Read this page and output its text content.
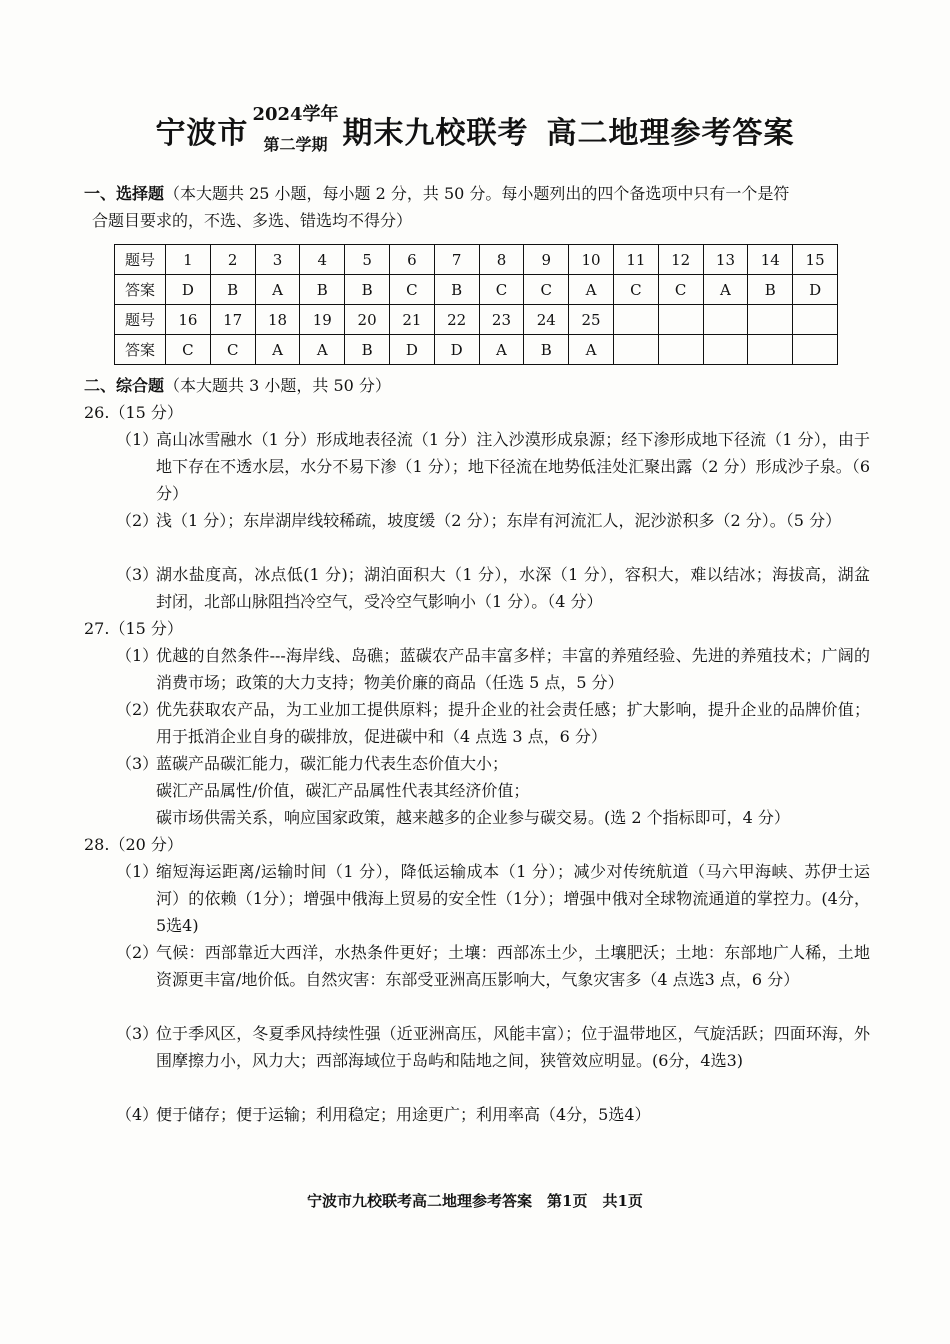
宁波市
2024学年
第二学期 期末九校联考 高二地理参考答案
一、选择题（本大题共 25 小题，每小题 2 分，共 50 分。每小题列出的四个备选项中只有一个是符
合题目要求的，不选、多选、错选均不得分）
题号	1	2	3	4	5	6	7	8	9	10	11	12	13	14	15
答案	D	B	A	B	B	C	B	C	C	A	C	C	A	B	D
题号	16	17	18	19	20	21	22	23	24	25					
答案	C	C	A	A	B	D	D	A	B	A					
二、综合题（本大题共 3 小题，共 50 分）
26.（15 分）
（1）
高山冰雪融水（1 分）形成地表径流（1 分）注入沙漠形成泉源；经下渗形成地下径流（1 分），由于地下存在不透水层，水分不易下渗（1 分）；地下径流在地势低洼处汇聚出露（2 分）形成沙子泉。（6 分）
（2）
浅（1 分）；东岸湖岸线较稀疏，坡度缓（2 分）；东岸有河流汇人，泥沙淤积多（2 分）。（5 分）
（3）
湖水盐度高，冰点低(1 分)；湖泊面积大（1 分），水深（1 分），容积大，难以结冰；海拔高，湖盆封闭，北部山脉阻挡冷空气，受冷空气影响小（1 分）。（4 分）
27.（15 分）
（1）
优越的自然条件---海岸线、岛礁；蓝碳农产品丰富多样；丰富的养殖经验、先进的养殖技术；广阔的消费市场；政策的大力支持；物美价廉的商品（任选 5 点，5 分）
（2）
优先获取农产品，为工业加工提供原料；提升企业的社会责任感；扩大影响，提升企业的品牌价值；用于抵消企业自身的碳排放，促进碳中和（4 点选 3 点，6 分）
（3）
蓝碳产品碳汇能力，碳汇能力代表生态价值大小；
碳汇产品属性/价值，碳汇产品属性代表其经济价值；
碳市场供需关系，响应国家政策，越来越多的企业参与碳交易。(选 2 个指标即可，4 分）
28.（20 分）
（1）
缩短海运距离/运输时间（1 分），降低运输成本（1 分）；减少对传统航道（马六甲海峡、苏伊士运河）的依赖（1分）；增强中俄海上贸易的安全性（1分）；增强中俄对全球物流通道的掌控力。(4分，5选4)
（2）
气候：西部靠近大西洋，水热条件更好；土壤：西部冻土少，土壤肥沃；土地：东部地广人稀，土地资源更丰富/地价低。自然灾害：东部受亚洲高压影响大，气象灾害多（4 点选3 点，6 分）
（3）
位于季风区，冬夏季风持续性强（近亚洲高压，风能丰富）；位于温带地区，气旋活跃；四面环海，外围摩擦力小，风力大；西部海域位于岛屿和陆地之间，狭管效应明显。(6分，4选3)
（4）
便于储存；便于运输；利用稳定；用途更广；利用率高（4分，5选4）
宁波市九校联考高二地理参考答案　第1页　共1页
